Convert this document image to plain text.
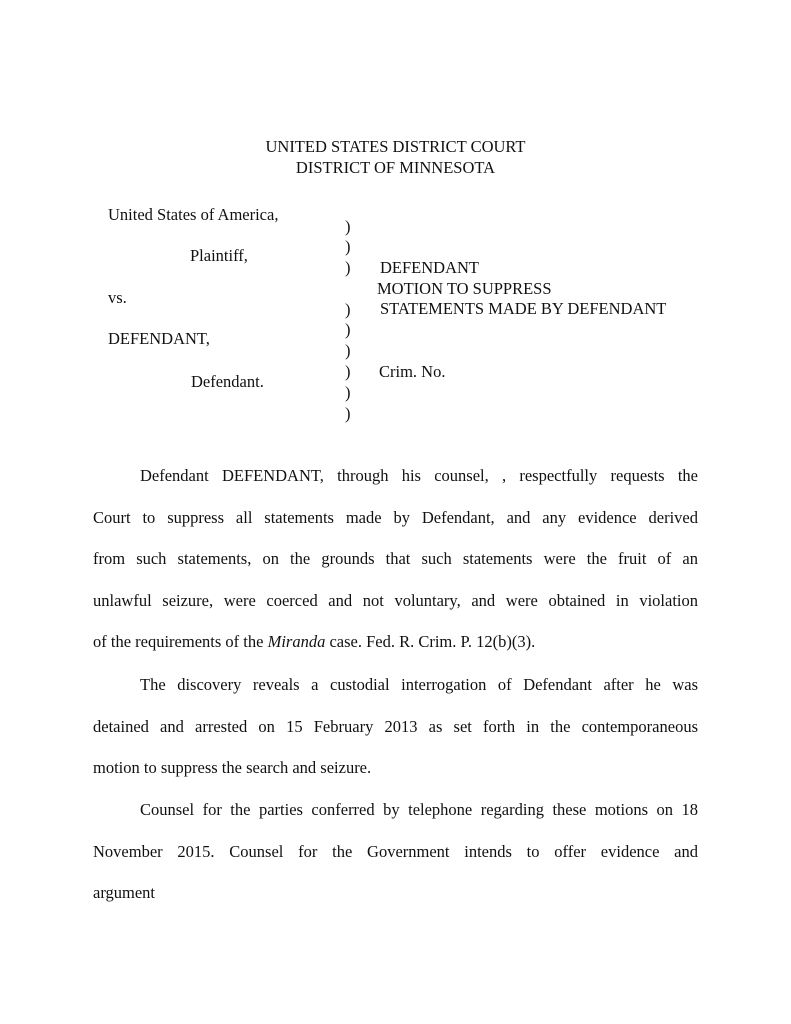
UNITED STATES DISTRICT COURT
DISTRICT OF MINNESOTA
United States of America,
Plaintiff,
vs.
DEFENDANT,
Defendant.
)
)
)
)
)
)
)
)
)
DEFENDANT
MOTION TO SUPPRESS
STATEMENTS MADE BY DEFENDANT
Crim. No.
Defendant DEFENDANT, through his counsel, , respectfully requests the
Court to suppress all statements made by Defendant, and any evidence derived
from such statements, on the grounds that such statements were the fruit of an
unlawful seizure, were coerced and not voluntary, and were obtained in violation
of the requirements of the Miranda case. Fed. R. Crim. P. 12(b)(3).
The discovery reveals a custodial interrogation of Defendant after he was
detained and arrested on 15 February 2013 as set forth in the contemporaneous
motion to suppress the search and seizure.
Counsel for the parties conferred by telephone regarding these motions on 18
November 2015. Counsel for the Government intends to offer evidence and
argument
